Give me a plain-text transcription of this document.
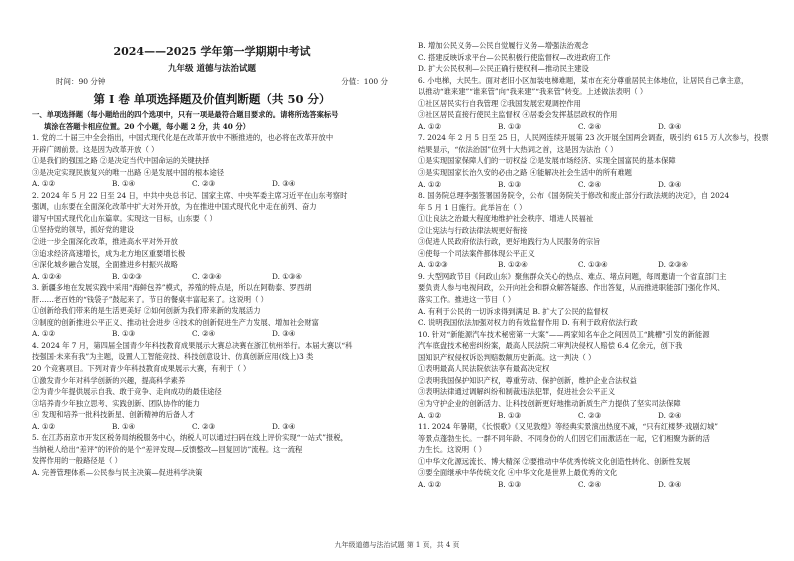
2024——2025 学年第一学期期中考试
九年级 道德与法治试题
时间：90 分钟	分值：100 分
第 I 卷 单项选择题及价值判断题（共 50 分）
一、单项选择题（每小题给出的四个选项中，只有一项是最符合题目要求的。请将所选答案标号
填涂在答题卡相应位置。20 个小题，每小题 2 分，共 40 分）
1. 党的二十届三中全会指出，中国式现代化是在改革开放中不断推进的，也必将在改革开放中
开辟广阔前景。这是因为改革开放（ ）
①是我们的强国之路 ②是决定当代中国命运的关键抉择
③是决定实现民族复兴的唯一出路 ④是发展中国的根本途径
A. ①②	B. ①④	C. ②③	D. ③④
2. 2024 年 5 月 22 日至 24 日，中共中央总书记、国家主席、中央军委主席习近平在山东考察时
强调，山东要在全面深化改革中扩大对外开放，为在推进中国式现代化中走在前列、奋力
谱写中国式现代化山东篇章。实现这一目标，山东要（ ）
①坚持党的领导，抓好党的建设
②进一步全面深化改革，推进高水平对外开放
③追求经济高速增长，成为北方地区重要增长极
④深化城乡融合发展，全面推进乡村振兴战略
A. ①②④	B. ①②③	C. ②③④	D. ①③④
3. 新疆多地在发展实践中采用“海鲜包养”模式，养殖的特点是，所以在阿勒泰、罗西胡
肝……老百姓的“钱袋子”鼓起来了。节日的餐桌丰富起来了。这说明（ ）
①创新给我们带来的是生活更美好 ②如何创新为我们带来新的发展活力
③制度的创新推进公平正义、推动社会进步 ④技术的创新促进生产力发展、增加社会财富
A. ①②	B. ①③	C. ②④	D. ③④
4. 2024 年 7 月，第四届全国青少年科技教育成果展示大赛总决赛在浙江杭州举行。本届大赛以“科
技强国·未来有我”为主题，设置人工智能竞技、科技创意设计、仿真创新应用(线上)3 类
20 个竞赛项目。下列对青少年科技教育成果展示大赛，有利于（ ）
①激发青少年对科学创新的兴趣，提高科学素养
②为青少年提供展示自我、敢于竞争、走向成功的最佳途径
③培养青少年独立思考、实践创新、团队协作的能力
④ 发现和培养一批科技新星、创新精神的后备人才
A. ①②	B. ①④	C. ②③	D. ③④
5. 在江苏南京市开发区税务局纳税服务中心，纳税人可以通过扫码在线上评价实现“一站式”报税，
当纳税人给出“差评”的评价的是个“差评发现—反馈整改—回复回访”流程。这一流程
发挥作用的一般路径是（ ）
A. 完善管理体系—公民参与民主决策—促进科学决策
B. 增加公民义务—公民自觉履行义务—增强法治观念
C. 搭建反映诉求平台—公民积极行使监督权—改进政府工作
D. 扩大公民权利—公民正确行使权利—推动民主建设
6. 小电梯，大民生。面对老旧小区加装电梯难题，某市在充分尊重居民主体地位，让居民自己拿主意，
以推动“谁来建”“谁来管”向“我来建”“我来管”转变。上述做法表明（ ）
①社区居民实行自我管理 ②我国发展宏观调控作用
③社区居民直接行使民主监督权 ④居委会发挥基层政权的作用
A. ①②	B. ①③	C. ②④	D. ③④
7. 2024 年 2 月 5 日至 25 日，人民网连续开展第 23 次开展全国两会调查，吸引约 615 万人次参与，投票
结果显示，“依法治国”位列十大热词之首，这是因为法治（ ）
①是实现国家保障人们的一切权益 ②是发展市场经济、实现全国富民的基本保障
③是实现国家长治久安的必由之路 ④能解决社会生活中的所有难题
A. ①②	B. ①③	C. ②④	D. ③④
8. 国务院总理李强签署国务院令，公布《国务院关于修改和废止部分行政法规的决定》，自 2024
年 5 月 1 日施行。此举旨在（ ）
①让良法之治最大程度地维护社会秩序、增进人民福祉
②让宪法与行政法律法规更好衔接
③促进人民政府依法行政，更好地践行为人民服务的宗旨
④使每一个司法案件都体现公平正义
A. ①②③	B. ①②④	C. ①③④	D. ②③④
9. 大型网政节目《问政山东》聚焦群众关心的热点、难点、堵点问题，每周邀请一个省直部门主
要负责人参与电视问政，公开向社会和群众解答疑惑、作出答复，从而推进职能部门强化作风、
落实工作。推进这一节目（ ）
A. 有利于公民的一切诉求得到满足 B. 扩大了公民的监督权
C. 说明我国依法加强对权力的有效监督作用 D. 有利于政府依法行政
10. 针对“新能源汽车技术秘密第一大案”——两家知名车企之间因员工“跳槽”引发的新能源
汽车底盘技术秘密纠纷案，最高人民法院二审判决侵权人赔偿 6.4 亿余元，创下我
国知识产权侵权诉讼判赔数额历史新高。这一判决（ ）
①表明最高人民法院依法享有最高决定权
②表明我国保护知识产权，尊重劳动、保护创新，维护企业合法权益
③表明法律通过调解纠纷和制裁违法犯罪，促进社会公平正义
④为守护企业的创新活力、让科技创新更好地推动新质生产力提供了坚实司法保障
A. ①②	B. ①③	C. ②③	D. ②④
11. 2024 年暑期，《长恨歌》《又见敦煌》等经典实景演出热度不减，“只有红楼梦·戏剧幻城”
等景点蓬勃生长。一群不同年龄、不同身份的人们因它们而激活在一起，它们相聚为新的活
力生长。这说明（ ）
①中华文化源远流长、博大精深 ②要推动中华优秀传统文化创造性转化、创新性发展
③要全面继承中华传统文化 ④中华文化是世界上最优秀的文化
A. ①②	B. ①③	C. ②④	D. ③④
九年级道德与法治试题 第 1 页，共 4 页
